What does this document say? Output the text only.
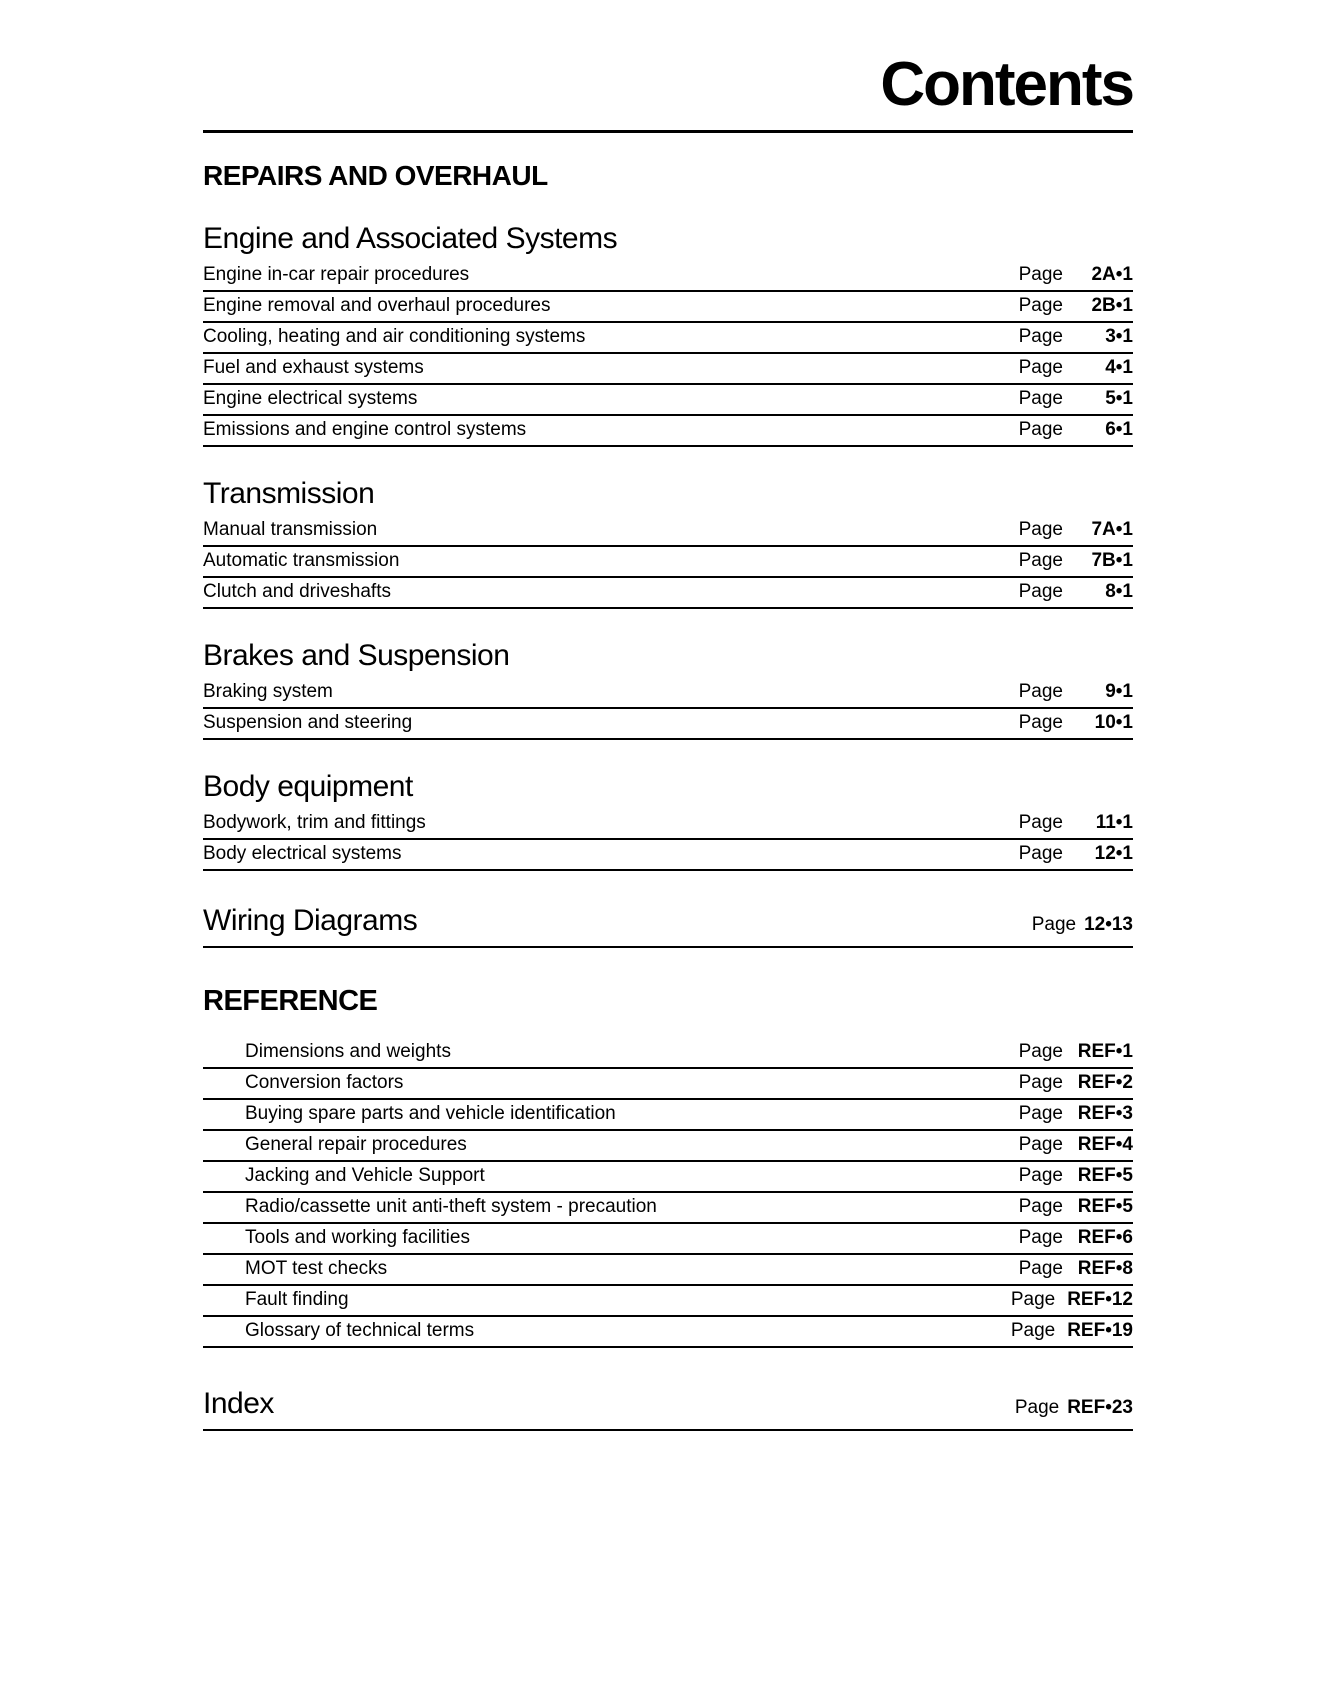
Contents
REPAIRS AND OVERHAUL
Engine and Associated Systems
Engine in-car repair procedures	Page	2A•1
Engine removal and overhaul procedures	Page	2B•1
Cooling, heating and air conditioning systems	Page	3•1
Fuel and exhaust systems	Page	4•1
Engine electrical systems	Page	5•1
Emissions and engine control systems	Page	6•1
Transmission
Manual transmission	Page	7A•1
Automatic transmission	Page	7B•1
Clutch and driveshafts	Page	8•1
Brakes and Suspension
Braking system	Page	9•1
Suspension and steering	Page	10•1
Body equipment
Bodywork, trim and fittings	Page	11•1
Body electrical systems	Page	12•1
Wiring Diagrams	Page 12•13
REFERENCE
Dimensions and weights	Page REF•1
Conversion factors	Page REF•2
Buying spare parts and vehicle identification	Page REF•3
General repair procedures	Page REF•4
Jacking and Vehicle Support	Page REF•5
Radio/cassette unit anti-theft system - precaution	Page REF•5
Tools and working facilities	Page REF•6
MOT test checks	Page REF•8
Fault finding	Page REF•12
Glossary of technical terms	Page REF•19
Index	Page REF•23
